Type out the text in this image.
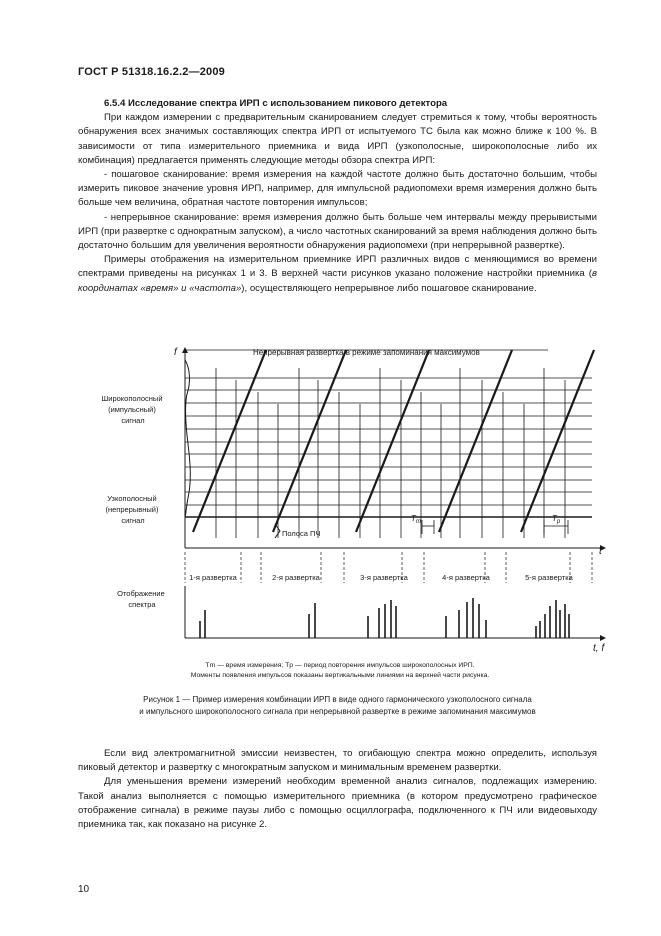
ГОСТ Р 51318.16.2.2—2009

6.5.4 Исследование спектра ИРП с использованием пикового детектора

При каждом измерении с предварительным сканированием следует стремиться к тому, чтобы вероятность обнаружения всех значимых составляющих спектра ИРП от испытуемого ТС была как можно ближе к 100 %. В зависимости от типа измерительного приемника и вида ИРП (узкополосные, широкополосные либо их комбинация) предлагается применять следующие методы обзора спектра ИРП:

- пошаговое сканирование: время измерения на каждой частоте должно быть достаточно большим, чтобы измерить пиковое значение уровня ИРП, например, для импульсной радиопомехи время измерения должно быть больше чем величина, обратная частоте повторения импульсов;

- непрерывное сканирование: время измерения должно быть больше чем интервалы между прерывистыми ИРП (при развертке с однократным запуском), а число частотных сканирований за время наблюдения должно быть достаточно большим для увеличения вероятности обнаружения радиопомехи (при непрерывной развертке).

Примеры отображения на измерительном приемнике ИРП различных видов с меняющимися во времени спектрами приведены на рисунках 1 и 3. В верхней части рисунков указано положение настройки приемника (в координатах «время» и «частота»), осуществляющего непрерывное либо пошаговое сканирование.

Непрерывная развертка в режиме запоминания максимумов
f
t
t, f
Широкополосный (импульсный) сигнал
Узкополосный (непрерывный) сигнал
Полоса ПЧ
$T_m$	$T_p$
Отображение спектра
1-я развертка	2-я развертка	3-я развертка	4-я развертка	5-я развертка
Tm — время измерения; Tp — период повторения импульсов широкополосных ИРП.
Моменты появления импульсов показаны вертикальными линиями на верхней части рисунка.
Рисунок 1 — Пример измерения комбинации ИРП в виде одного гармонического узкополосного сигнала
и импульсного широкополосного сигнала при непрерывной развертке в режиме запоминания максимумов

Если вид электромагнитной эмиссии неизвестен, то огибающую спектра можно определить, используя пиковый детектор и развертку с многократным запуском и минимальным временем развертки.

Для уменьшения времени измерений необходим временной анализ сигналов, подлежащих измерению. Такой анализ выполняется с помощью измерительного приемника (в котором предусмотрено графическое отображение сигнала) в режиме паузы либо с помощью осциллографа, подключенного к ПЧ или видеовыходу приемника так, как показано на рисунке 2.

10
